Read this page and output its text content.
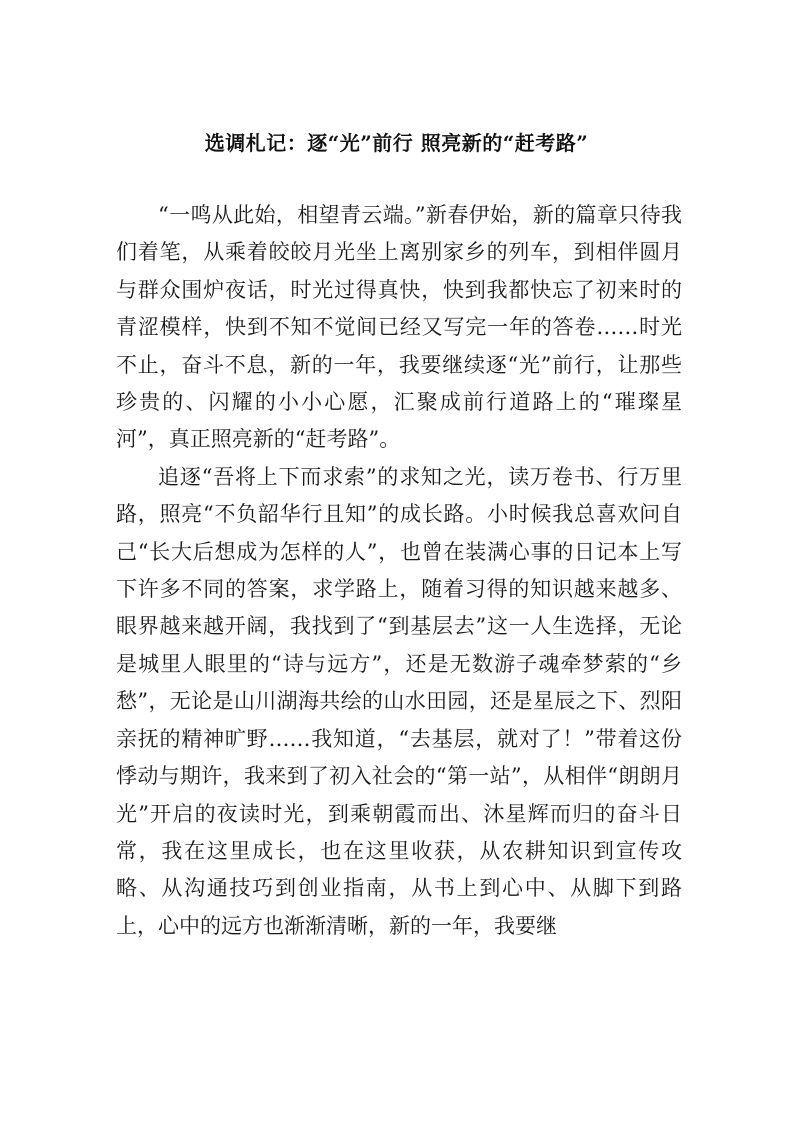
选调札记：逐“光”前行 照亮新的“赶考路”

“一鸣从此始，相望青云端。”新春伊始，新的篇章只待我们着笔，从乘着皎皎月光坐上离别家乡的列车，到相伴圆月与群众围炉夜话，时光过得真快，快到我都快忘了初来时的青涩模样，快到不知不觉间已经又写完一年的答卷……时光不止，奋斗不息，新的一年，我要继续逐“光”前行，让那些珍贵的、闪耀的小小心愿，汇聚成前行道路上的“璀璨星河”，真正照亮新的“赶考路”。

追逐“吾将上下而求索”的求知之光，读万卷书、行万里路，照亮“不负韶华行且知”的成长路。小时候我总喜欢问自己“长大后想成为怎样的人”，也曾在装满心事的日记本上写下许多不同的答案，求学路上，随着习得的知识越来越多、眼界越来越开阔，我找到了“到基层去”这一人生选择，无论是城里人眼里的“诗与远方”，还是无数游子魂牵梦萦的“乡愁”，无论是山川湖海共绘的山水田园，还是星辰之下、烈阳亲抚的精神旷野……我知道，“去基层，就对了！”带着这份悸动与期许，我来到了初入社会的“第一站”，从相伴“朗朗月光”开启的夜读时光，到乘朝霞而出、沐星辉而归的奋斗日常，我在这里成长，也在这里收获，从农耕知识到宣传攻略、从沟通技巧到创业指南，从书上到心中、从脚下到路上，心中的远方也渐渐清晰，新的一年，我要继
